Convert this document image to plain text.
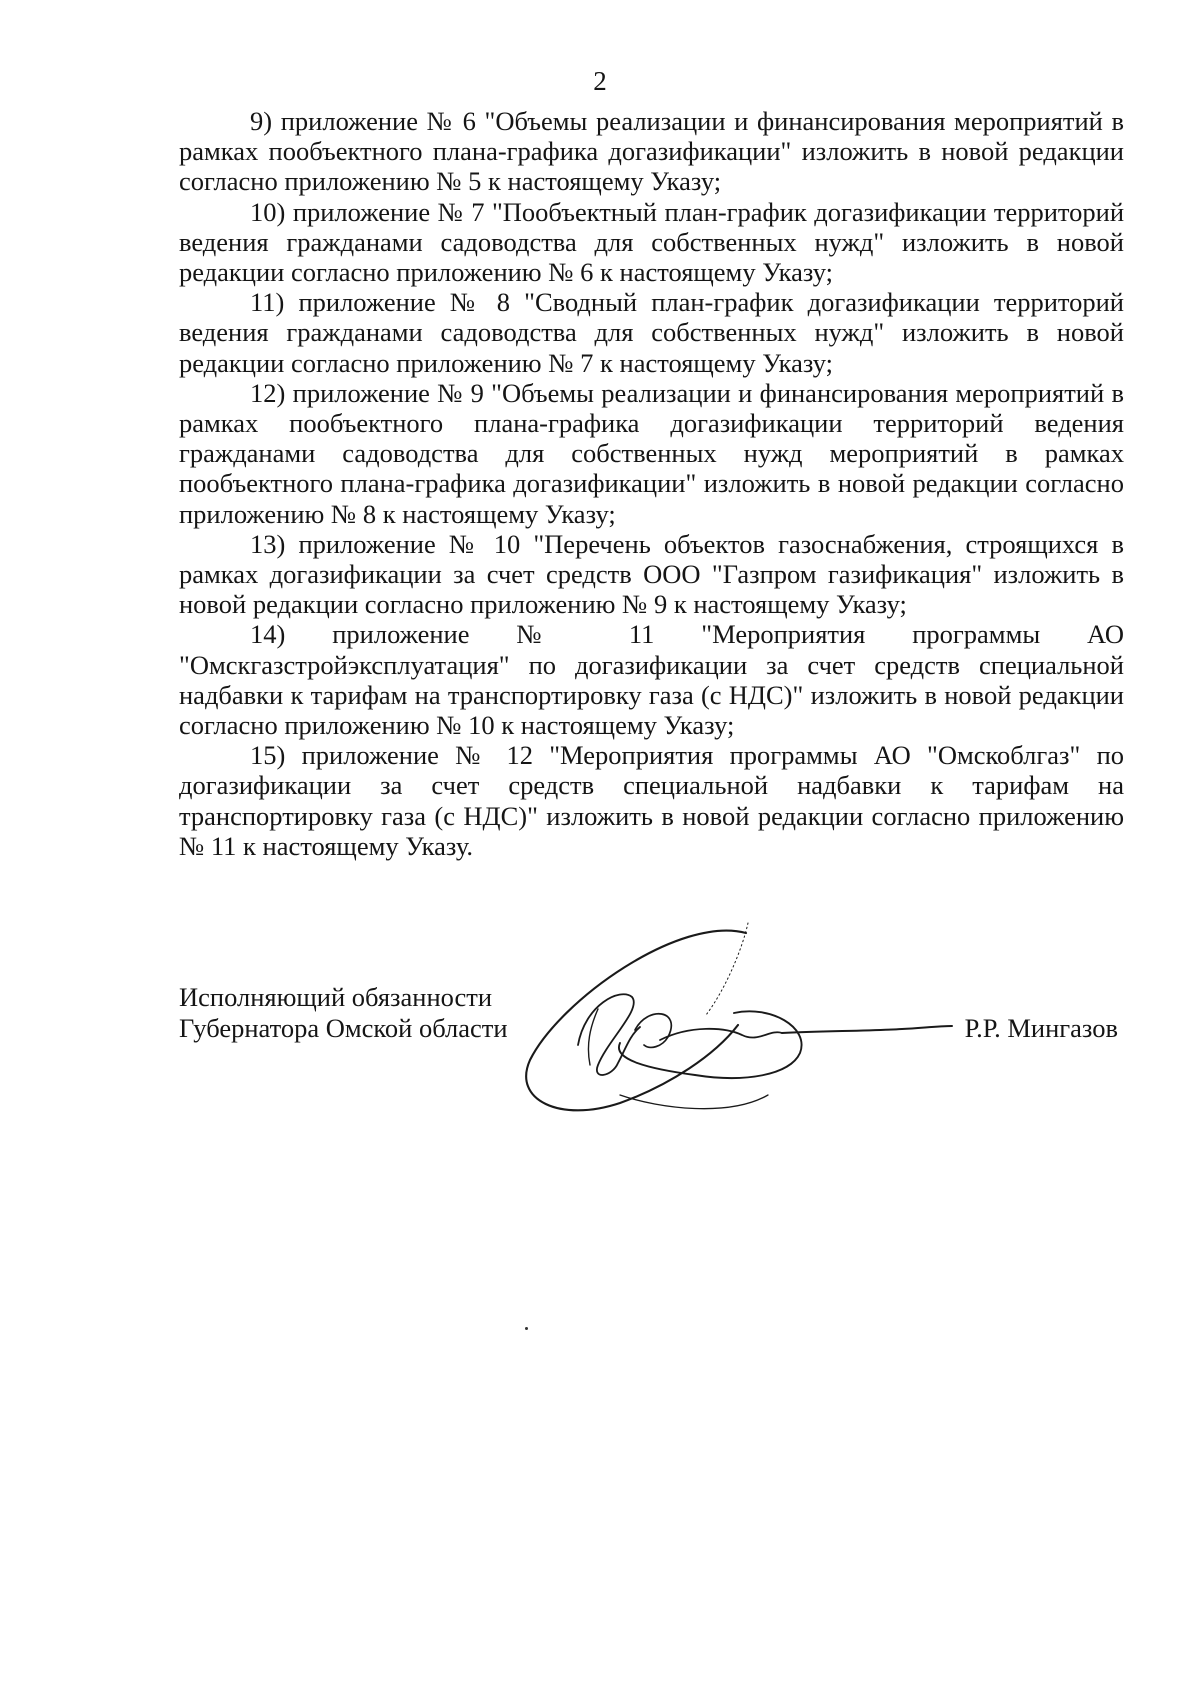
2

9) приложение № 6 "Объемы реализации и финансирования мероприятий в рамках пообъектного плана-графика догазификации" изложить в новой редакции согласно приложению № 5 к настоящему Указу;

10) приложение № 7 "Пообъектный план-график догазификации территорий ведения гражданами садоводства для собственных нужд" изложить в новой редакции согласно приложению № 6 к настоящему Указу;

11) приложение № 8 "Сводный план-график догазификации территорий ведения гражданами садоводства для собственных нужд" изложить в новой редакции согласно приложению № 7 к настоящему Указу;

12) приложение № 9 "Объемы реализации и финансирования мероприятий в рамках пообъектного плана-графика догазификации территорий ведения гражданами садоводства для собственных нужд мероприятий в рамках пообъектного плана-графика догазификации" изложить в новой редакции согласно приложению № 8 к настоящему Указу;

13) приложение № 10 "Перечень объектов газоснабжения, строящихся в рамках догазификации за счет средств ООО "Газпром газификация" изложить в новой редакции согласно приложению № 9 к настоящему Указу;

14) приложение № 11 "Мероприятия программы АО "Омскгазстройэксплуатация" по догазификации за счет средств специальной надбавки к тарифам на транспортировку газа (с НДС)" изложить в новой редакции согласно приложению № 10 к настоящему Указу;

15) приложение № 12 "Мероприятия программы АО "Омскоблгаз" по догазификации за счет средств специальной надбавки к тарифам на транспортировку газа (с НДС)" изложить в новой редакции согласно приложению № 11 к настоящему Указу.

Исполняющий обязанности
Губернатора Омской области	Р.Р. Мингазов
